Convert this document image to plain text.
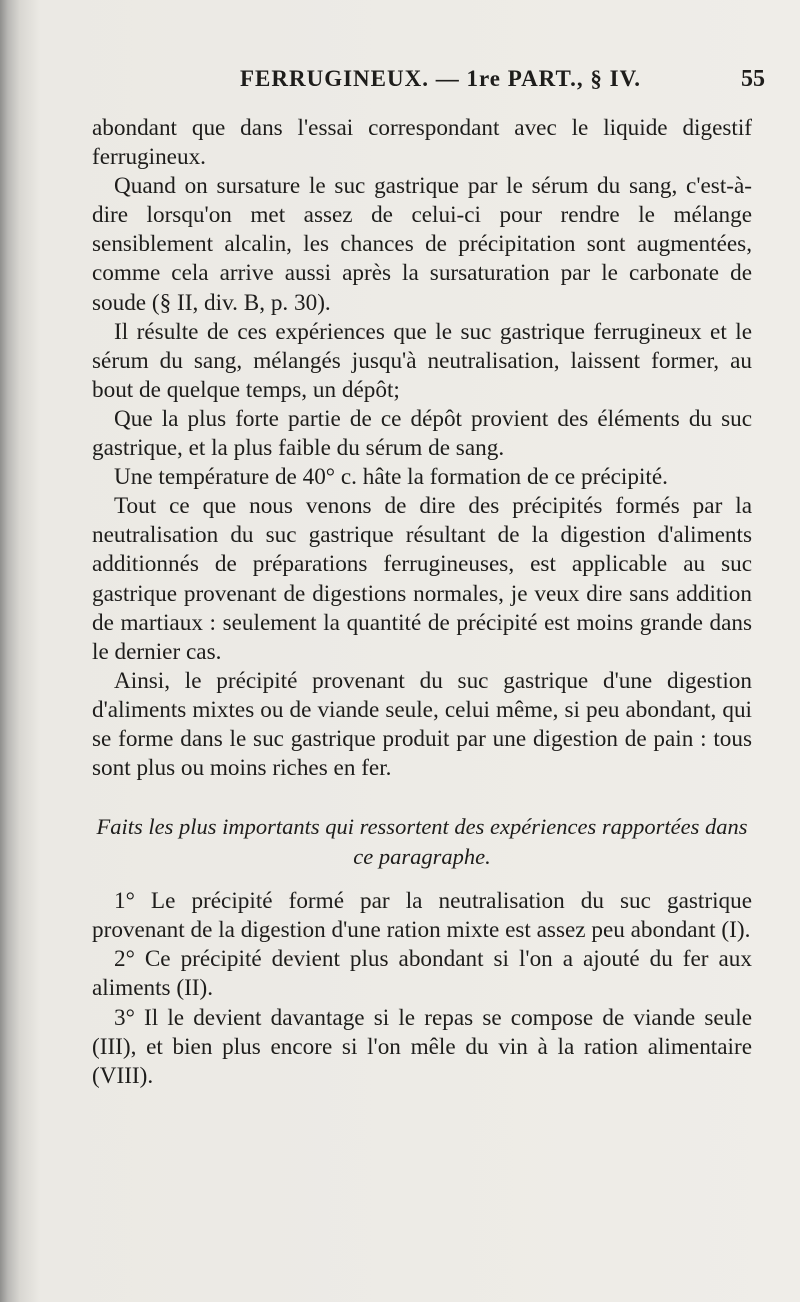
FERRUGINEUX. — 1re PART., § IV.	55

abondant que dans l'essai correspondant avec le liquide digestif ferrugineux.

Quand on sursature le suc gastrique par le sérum du sang, c'est-à-dire lorsqu'on met assez de celui-ci pour rendre le mélange sensiblement alcalin, les chances de précipitation sont augmentées, comme cela arrive aussi après la sursaturation par le carbonate de soude (§ II, div. B, p. 30).

Il résulte de ces expériences que le suc gastrique ferrugineux et le sérum du sang, mélangés jusqu'à neutralisation, laissent former, au bout de quelque temps, un dépôt;

Que la plus forte partie de ce dépôt provient des éléments du suc gastrique, et la plus faible du sérum de sang.

Une température de 40° c. hâte la formation de ce précipité.

Tout ce que nous venons de dire des précipités formés par la neutralisation du suc gastrique résultant de la digestion d'aliments additionnés de préparations ferrugineuses, est applicable au suc gastrique provenant de digestions normales, je veux dire sans addition de martiaux : seulement la quantité de précipité est moins grande dans le dernier cas.

Ainsi, le précipité provenant du suc gastrique d'une digestion d'aliments mixtes ou de viande seule, celui même, si peu abondant, qui se forme dans le suc gastrique produit par une digestion de pain : tous sont plus ou moins riches en fer.

Faits les plus importants qui ressortent des expériences rapportées dans ce paragraphe.

1° Le précipité formé par la neutralisation du suc gastrique provenant de la digestion d'une ration mixte est assez peu abondant (I).

2° Ce précipité devient plus abondant si l'on a ajouté du fer aux aliments (II).

3° Il le devient davantage si le repas se compose de viande seule (III), et bien plus encore si l'on mêle du vin à la ration alimentaire (VIII).
